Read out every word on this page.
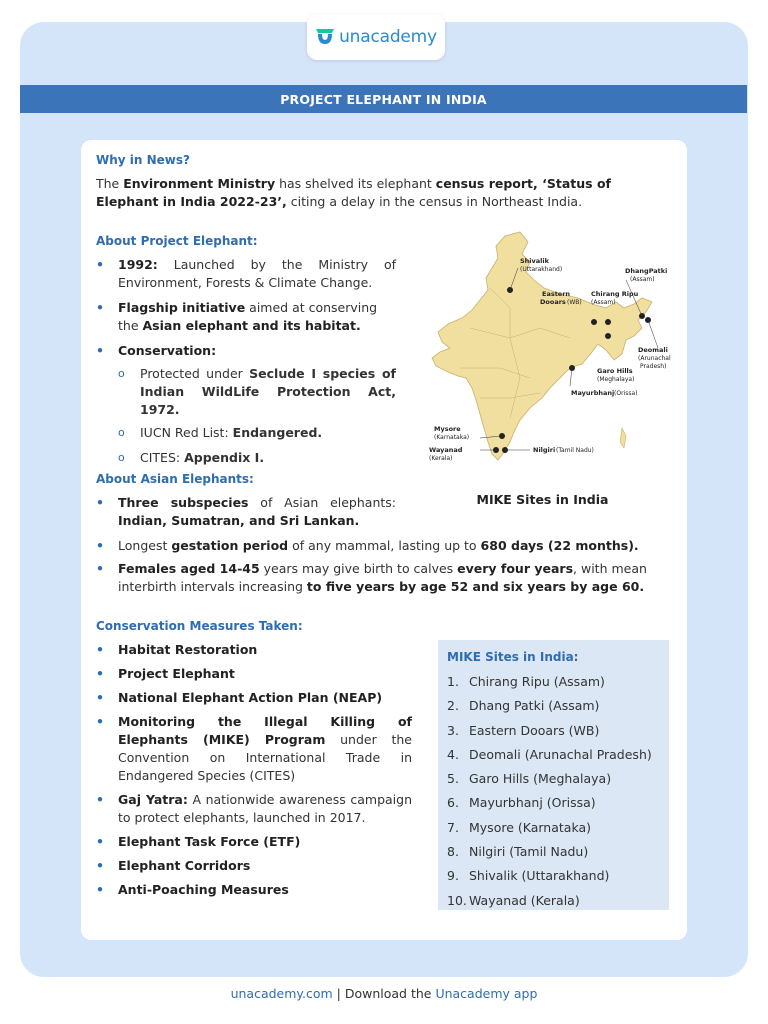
unacademy
PROJECT ELEPHANT IN INDIA
Why in News?
The Environment Ministry has shelved its elephant census report, ‘Status of Elephant in India 2022-23’, citing a delay in the census in Northeast India.
About Project Elephant:
• 1992: Launched by the Ministry of Environment, Forests & Climate Change.
• Flagship initiative aimed at conserving the Asian elephant and its habitat.
• Conservation:
o Protected under Seclude I species of Indian WildLife Protection Act, 1972.
o IUCN Red List: Endangered.
o CITES: Appendix I.
Shivalik
(Uttarakhand)	DhangPatki
(Assam)
Eastern
Dooars (WB)
Chirang Ripu
(Assam)
Deomali
(Arunachal
Pradesh)
Garo Hills
(Meghalaya)
Mayurbhanj (Orissa)
Mysore
(Karnataka)
Wayanad
(Kerala)
Nilgiri (Tamil Nadu)
MIKE Sites in India
About Asian Elephants:
• Three subspecies of Asian elephants: Indian, Sumatran, and Sri Lankan.
• Longest gestation period of any mammal, lasting up to 680 days (22 months).
• Females aged 14-45 years may give birth to calves every four years, with mean interbirth intervals increasing to five years by age 52 and six years by age 60.
Conservation Measures Taken:
• Habitat Restoration
• Project Elephant
• National Elephant Action Plan (NEAP)
• Monitoring the Illegal Killing of Elephants (MIKE) Program under the Convention on International Trade in Endangered Species (CITES)
• Gaj Yatra: A nationwide awareness campaign to protect elephants, launched in 2017.
• Elephant Task Force (ETF)
• Elephant Corridors
• Anti-Poaching Measures
MIKE Sites in India:
1. Chirang Ripu (Assam)
2. Dhang Patki (Assam)
3. Eastern Dooars (WB)
4. Deomali (Arunachal Pradesh)
5. Garo Hills (Meghalaya)
6. Mayurbhanj (Orissa)
7. Mysore (Karnataka)
8. Nilgiri (Tamil Nadu)
9. Shivalik (Uttarakhand)
10. Wayanad (Kerala)
unacademy.com | Download the Unacademy app
